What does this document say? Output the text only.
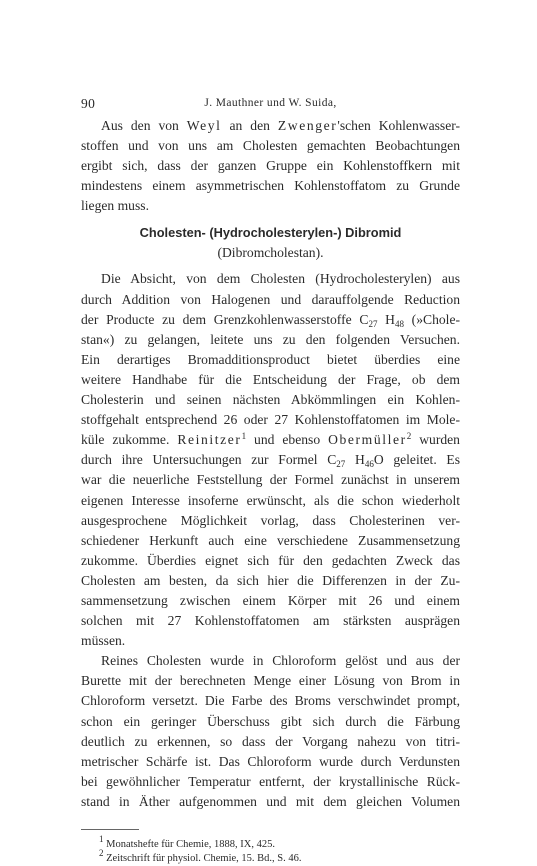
90	J. Mauthner und W. Suida,

Aus den von Weyl an den Zwenger'schen Kohlenwasser-
stoffen und von uns am Cholesten gemachten Beobachtungen
ergibt sich, dass der ganzen Gruppe ein Kohlenstoffkern mit
mindestens einem asymmetrischen Kohlenstoffatom zu Grunde
liegen muss.

Cholesten- (Hydrocholesterylen-) Dibromid
(Dibromcholestan).

Die Absicht, von dem Cholesten (Hydrocholesterylen) aus
durch Addition von Halogenen und darauffolgende Reduction
der Producte zu dem Grenzkohlenwasserstoffe $C_{27}$ $H_{48}$ (»Chole-
stan«) zu gelangen, leitete uns zu den folgenden Versuchen.
Ein derartiges Bromadditionsproduct bietet überdies eine
weitere Handhabe für die Entscheidung der Frage, ob dem
Cholesterin und seinen nächsten Abkömmlingen ein Kohlen-
stoffgehalt entsprechend 26 oder 27 Kohlenstoffatomen im Mole-
küle zukomme. Reinitzer$^1$ und ebenso Obermüller$^2$ wurden
durch ihre Untersuchungen zur Formel $C_{27}$ $H_{46}O$ geleitet. Es
war die neuerliche Feststellung der Formel zunächst in unserem
eigenen Interesse insoferne erwünscht, als die schon wiederholt
ausgesprochene Möglichkeit vorlag, dass Cholesterinen ver-
schiedener Herkunft auch eine verschiedene Zusammensetzung
zukomme. Überdies eignet sich für den gedachten Zweck das
Cholesten am besten, da sich hier die Differenzen in der Zu-
sammensetzung zwischen einem Körper mit 26 und einem
solchen mit 27 Kohlenstoffatomen am stärksten ausprägen
müssen.

Reines Cholesten wurde in Chloroform gelöst und aus der
Burette mit der berechneten Menge einer Lösung von Brom in
Chloroform versetzt. Die Farbe des Broms verschwindet prompt,
schon ein geringer Überschuss gibt sich durch die Färbung
deutlich zu erkennen, so dass der Vorgang nahezu von titri-
metrischer Schärfe ist. Das Chloroform wurde durch Verdunsten
bei gewöhnlicher Temperatur entfernt, der krystallinische Rück-
stand in Äther aufgenommen und mit dem gleichen Volumen

$^1$ Monatshefte für Chemie, 1888, IX, 425.
$^2$ Zeitschrift für physiol. Chemie, 15. Bd., S. 46.
